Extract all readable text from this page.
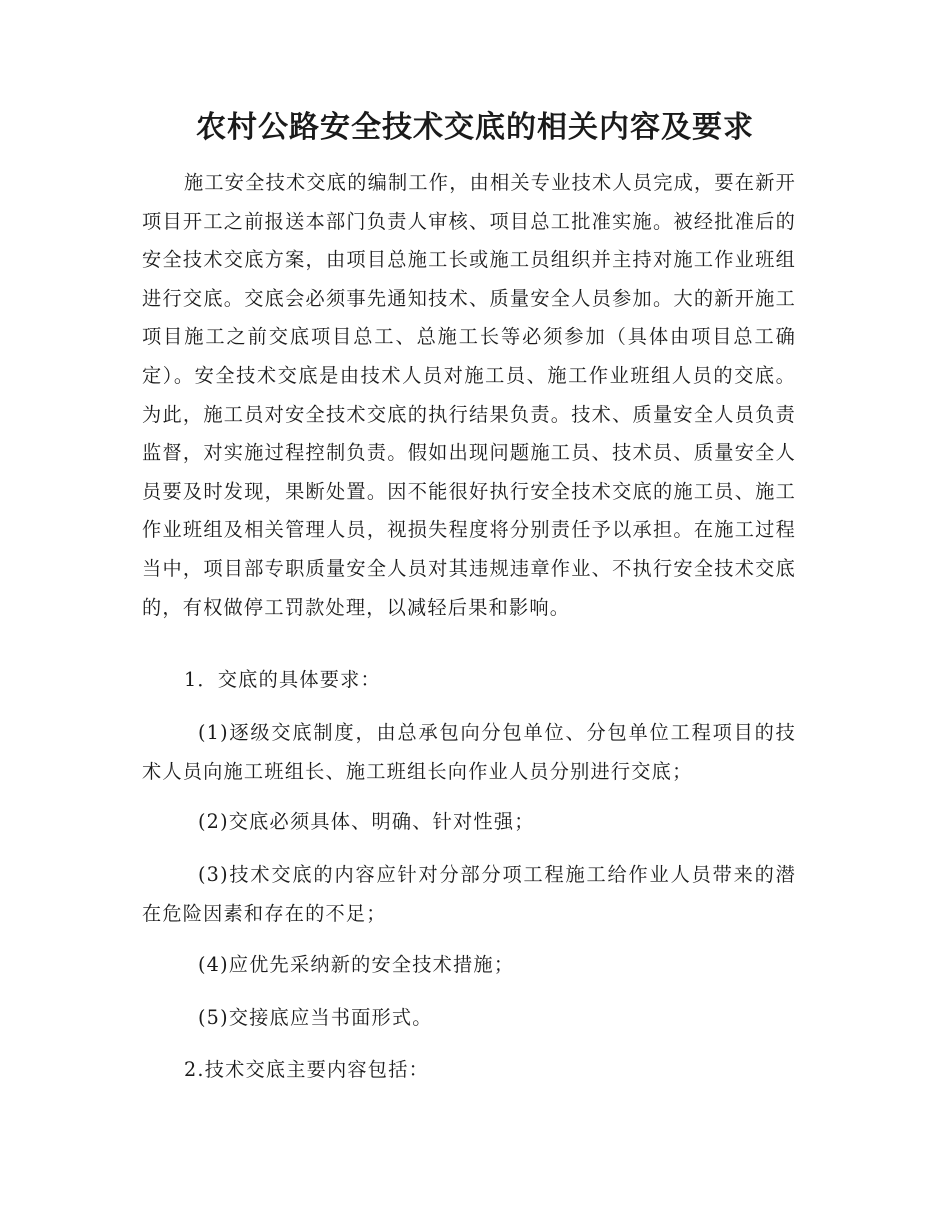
农村公路安全技术交底的相关内容及要求

施工安全技术交底的编制工作，由相关专业技术人员完成，要在新开项目开工之前报送本部门负责人审核、项目总工批准实施。被经批准后的安全技术交底方案，由项目总施工长或施工员组织并主持对施工作业班组进行交底。交底会必须事先通知技术、质量安全人员参加。大的新开施工项目施工之前交底项目总工、总施工长等必须参加（具体由项目总工确定）。安全技术交底是由技术人员对施工员、施工作业班组人员的交底。为此，施工员对安全技术交底的执行结果负责。技术、质量安全人员负责监督，对实施过程控制负责。假如出现问题施工员、技术员、质量安全人员要及时发现，果断处置。因不能很好执行安全技术交底的施工员、施工作业班组及相关管理人员，视损失程度将分别责任予以承担。在施工过程当中，项目部专职质量安全人员对其违规违章作业、不执行安全技术交底的，有权做停工罚款处理，以减轻后果和影响。

1．交底的具体要求：

(1)逐级交底制度，由总承包向分包单位、分包单位工程项目的技术人员向施工班组长、施工班组长向作业人员分别进行交底；

(2)交底必须具体、明确、针对性强；

(3)技术交底的内容应针对分部分项工程施工给作业人员带来的潜在危险因素和存在的不足；

(4)应优先采纳新的安全技术措施；

(5)交接底应当书面形式。

2.技术交底主要内容包括：
